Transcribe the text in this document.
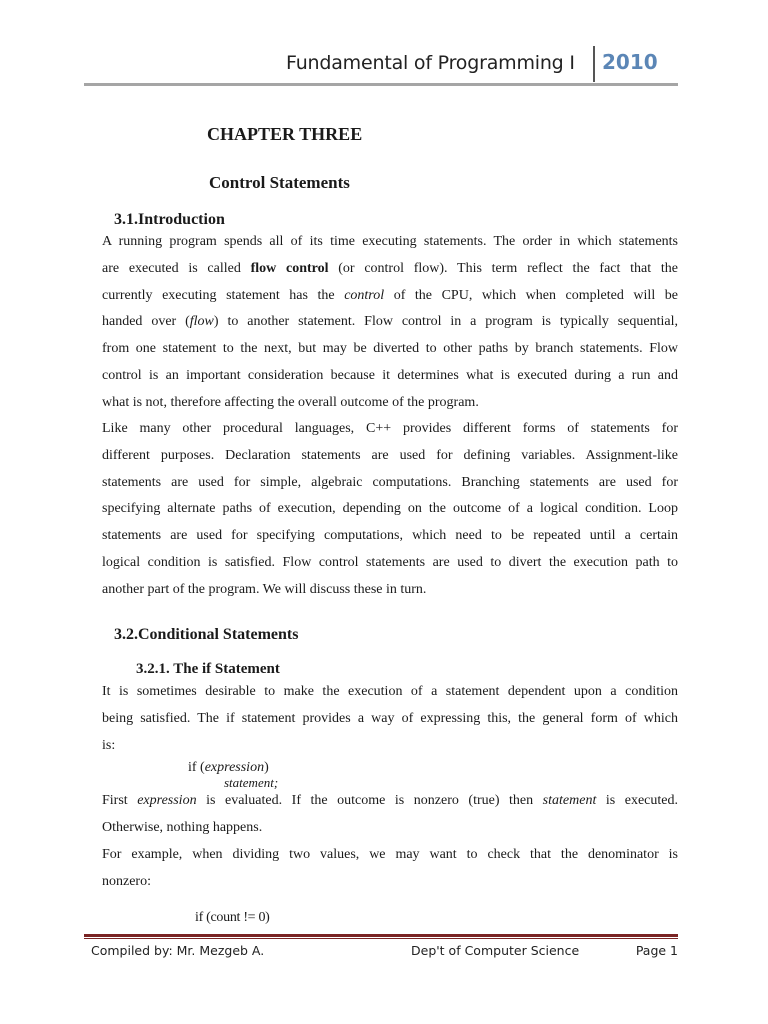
Fundamental of Programming I 2010
CHAPTER THREE
Control Statements
3.1.Introduction
A running program spends all of its time executing statements. The order in which statements
are executed is called flow control (or control flow). This term reflect the fact that the
currently executing statement has the control of the CPU, which when completed will be
handed over (flow) to another statement. Flow control in a program is typically sequential,
from one statement to the next, but may be diverted to other paths by branch statements. Flow
control is an important consideration because it determines what is executed during a run and
what is not, therefore affecting the overall outcome of the program.
Like many other procedural languages, C++ provides different forms of statements for
different purposes. Declaration statements are used for defining variables. Assignment-like
statements are used for simple, algebraic computations. Branching statements are used for
specifying alternate paths of execution, depending on the outcome of a logical condition. Loop
statements are used for specifying computations, which need to be repeated until a certain
logical condition is satisfied. Flow control statements are used to divert the execution path to
another part of the program. We will discuss these in turn.
3.2.Conditional Statements
3.2.1. The if Statement
It is sometimes desirable to make the execution of a statement dependent upon a condition
being satisfied. The if statement provides a way of expressing this, the general form of which
is:
if (expression)
statement;
First expression is evaluated. If the outcome is nonzero (true) then statement is executed.
Otherwise, nothing happens.
For example, when dividing two values, we may want to check that the denominator is
nonzero:
if (count != 0)
Compiled by: Mr. Mezgeb A.	Dep't of Computer Science	Page 1
